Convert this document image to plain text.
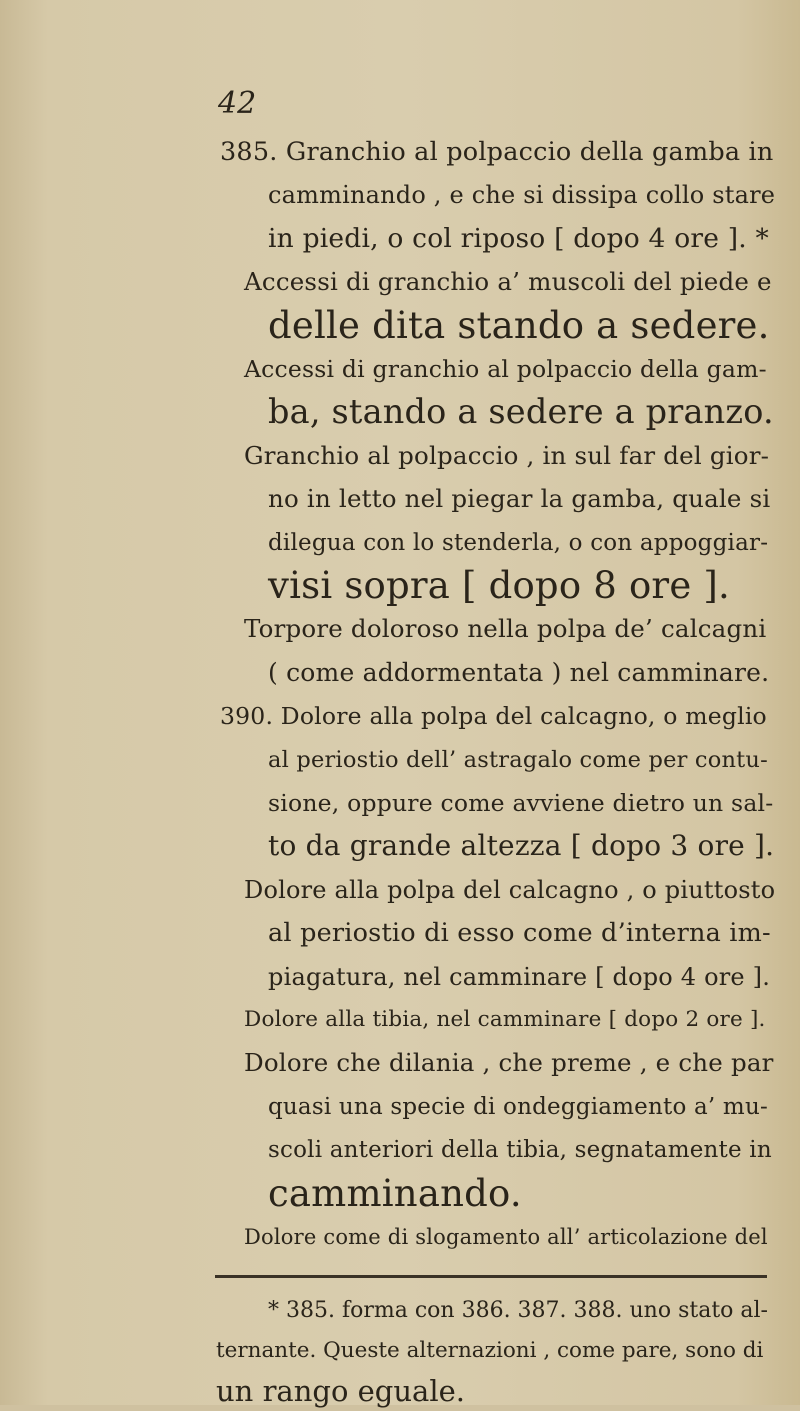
42
385. Granchio al polpaccio della gamba in
camminando , e che si dissipa collo stare
in piedi, o col riposo [ dopo 4 ore ]. *
Accessi di granchio a’ muscoli del piede e
delle dita stando a sedere.
Accessi di granchio al polpaccio della gam-
ba, stando a sedere a pranzo.
Granchio al polpaccio , in sul far del gior-
no in letto nel piegar la gamba, quale si
dilegua con lo stenderla, o con appoggiar-
visi sopra [ dopo 8 ore ].
Torpore doloroso nella polpa de’ calcagni
( come addormentata ) nel camminare.
390. Dolore alla polpa del calcagno, o meglio
al periostio dell’ astragalo come per contu-
sione, oppure come avviene dietro un sal-
to da grande altezza [ dopo 3 ore ].
Dolore alla polpa del calcagno , o piuttosto
al periostio di esso come d’interna im-
piagatura, nel camminare [ dopo 4 ore ].
Dolore alla tibia, nel camminare [ dopo 2 ore ].
Dolore che dilania , che preme , e che par
quasi una specie di ondeggiamento a’ mu-
scoli anteriori della tibia, segnatamente in
camminando.
Dolore come di slogamento all’ articolazione del
* 385. forma con 386. 387. 388. uno stato al-
ternante. Queste alternazioni , come pare, sono di
un rango eguale.
